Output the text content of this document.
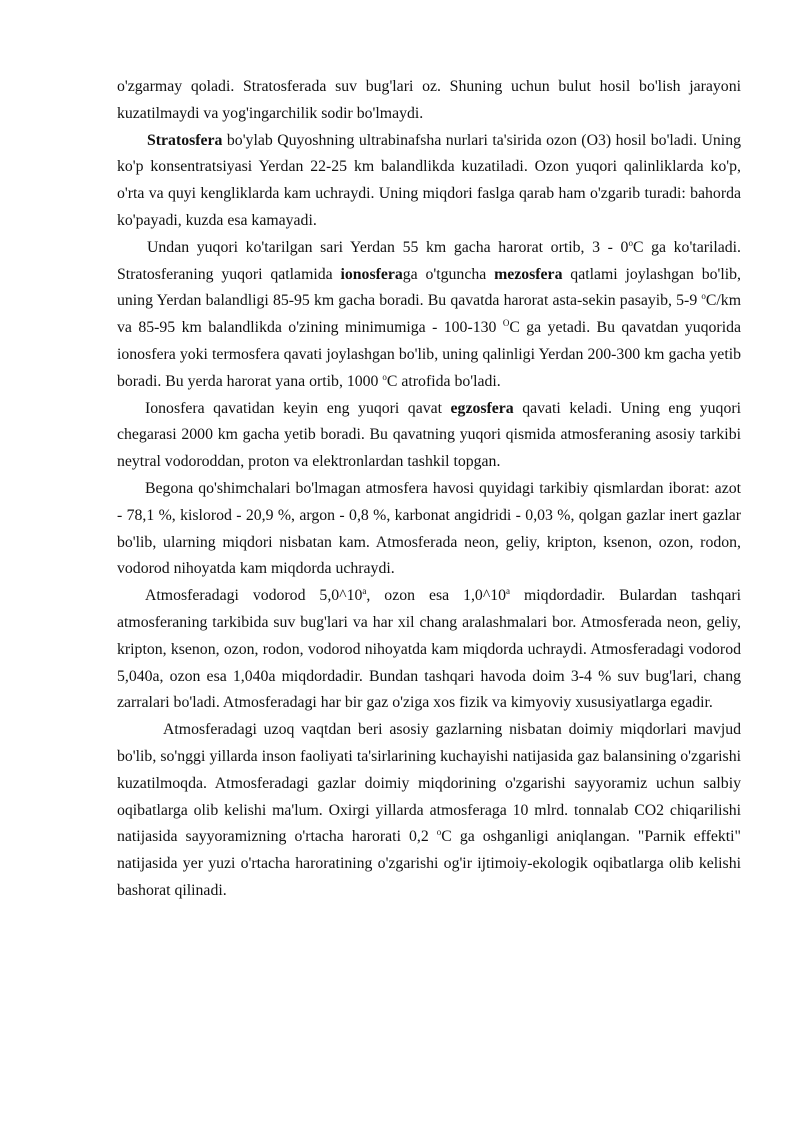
o'zgarmay qoladi. Stratosferada suv bug'lari oz. Shuning uchun bulut hosil bo'lish jarayoni kuzatilmaydi va yog'ingarchilik sodir bo'lmaydi.

Stratosfera bo'ylab Quyoshning ultrabinafsha nurlari ta'sirida ozon (O3) hosil bo'ladi. Uning ko'p konsentratsiyasi Yerdan 22-25 km balandlikda kuzatiladi. Ozon yuqori qalinliklarda ko'p, o'rta va quyi kengliklarda kam uchraydi. Uning miqdori faslga qarab ham o'zgarib turadi: bahorda ko'payadi, kuzda esa kamayadi.

Undan yuqori ko'tarilgan sari Yerdan 55 km gacha harorat ortib, 3 - 0$^o$C ga ko'tariladi. Stratosferaning yuqori qatlamida ionosferaga o'tguncha mezosfera qatlami joylashgan bo'lib, uning Yerdan balandligi 85-95 km gacha boradi. Bu qavatda harorat asta-sekin pasayib, 5-9 $^o$C/km va 85-95 km balandlikda o'zining minimumiga - 100-130 $^O$C ga yetadi. Bu qavatdan yuqorida ionosfera yoki termosfera qavati joylashgan bo'lib, uning qalinligi Yerdan 200-300 km gacha yetib boradi. Bu yerda harorat yana ortib, 1000 $^o$C atrofida bo'ladi.

Ionosfera qavatidan keyin eng yuqori qavat egzosfera qavati keladi. Uning eng yuqori chegarasi 2000 km gacha yetib boradi. Bu qavatning yuqori qismida atmosferaning asosiy tarkibi neytral vodoroddan, proton va elektronlardan tashkil topgan.

Begona qo'shimchalari bo'lmagan atmosfera havosi quyidagi tarkibiy qismlardan iborat: azot - 78,1 %, kislorod - 20,9 %, argon - 0,8 %, karbonat angidridi - 0,03 %, qolgan gazlar inert gazlar bo'lib, ularning miqdori nisbatan kam. Atmosferada neon, geliy, kripton, ksenon, ozon, rodon, vodorod nihoyatda kam miqdorda uchraydi.

Atmosferadagi vodorod 5,0^10$^a$, ozon esa 1,0^10$^a$ miqdordadir. Bulardan tashqari atmosferaning tarkibida suv bug'lari va har xil chang aralashmalari bor. Atmosferada neon, geliy, kripton, ksenon, ozon, rodon, vodorod nihoyatda kam miqdorda uchraydi. Atmosferadagi vodorod 5,040a, ozon esa 1,040a miqdordadir. Bundan tashqari havoda doim 3-4 % suv bug'lari, chang zarralari bo'ladi. Atmosferadagi har bir gaz o'ziga xos fizik va kimyoviy xususiyatlarga egadir.

Atmosferadagi uzoq vaqtdan beri asosiy gazlarning nisbatan doimiy miqdorlari mavjud bo'lib, so'nggi yillarda inson faoliyati ta'sirlarining kuchayishi natijasida gaz balansining o'zgarishi kuzatilmoqda. Atmosferadagi gazlar doimiy miqdorining o'zgarishi sayyoramiz uchun salbiy oqibatlarga olib kelishi ma'lum. Oxirgi yillarda atmosferaga 10 mlrd. tonnalab CO2 chiqarilishi natijasida sayyoramizning o'rtacha harorati 0,2 $^o$C ga oshganligi aniqlangan. "Parnik effekti" natijasida yer yuzi o'rtacha haroratining o'zgarishi og'ir ijtimoiy-ekologik oqibatlarga olib kelishi bashorat qilinadi.
